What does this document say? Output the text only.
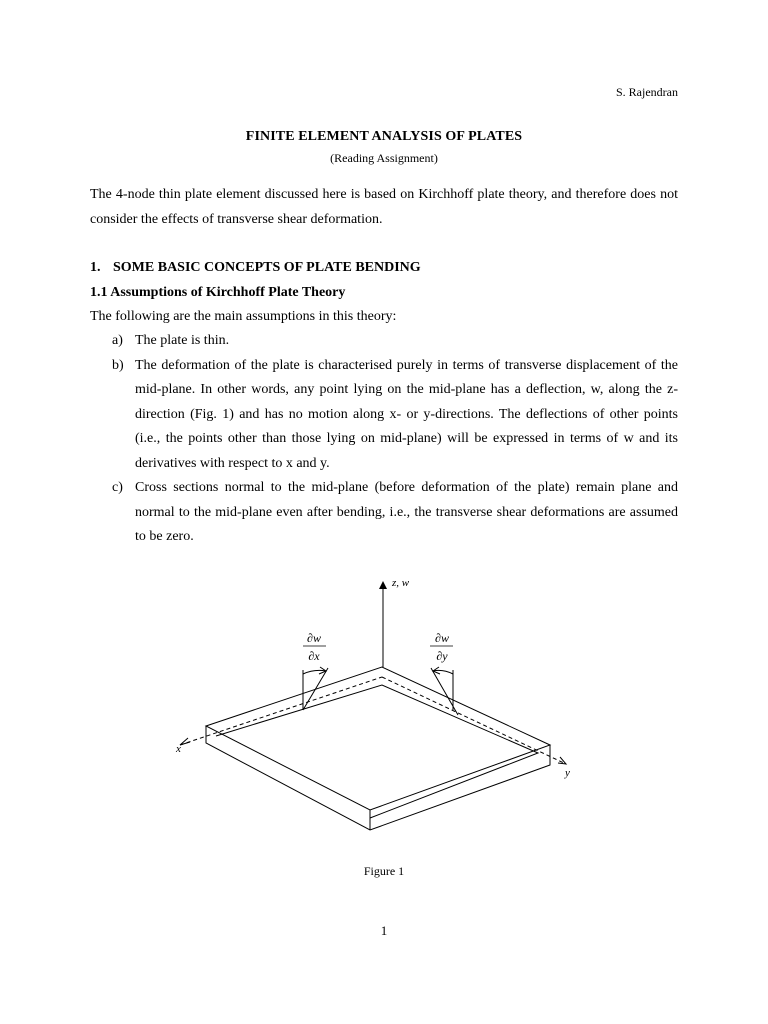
S. Rajendran
FINITE ELEMENT ANALYSIS OF PLATES
(Reading Assignment)

The 4-node thin plate element discussed here is based on Kirchhoff plate theory, and therefore does not consider the effects of transverse shear deformation.

1. SOME BASIC CONCEPTS OF PLATE BENDING
1.1 Assumptions of Kirchhoff Plate Theory
The following are the main assumptions in this theory:
a) The plate is thin.
b) The deformation of the plate is characterised purely in terms of transverse displacement of the mid-plane. In other words, any point lying on the mid-plane has a deflection, w, along the z-direction (Fig. 1) and has no motion along x- or y-directions. The deflections of other points (i.e., the points other than those lying on mid-plane) will be expressed in terms of w and its derivatives with respect to x and y.
c) Cross sections normal to the mid-plane (before deformation of the plate) remain plane and normal to the mid-plane even after bending, i.e., the transverse shear deformations are assumed to be zero.
z, w
x
y
∂w
∂x
∂w
∂y
Figure 1
1
